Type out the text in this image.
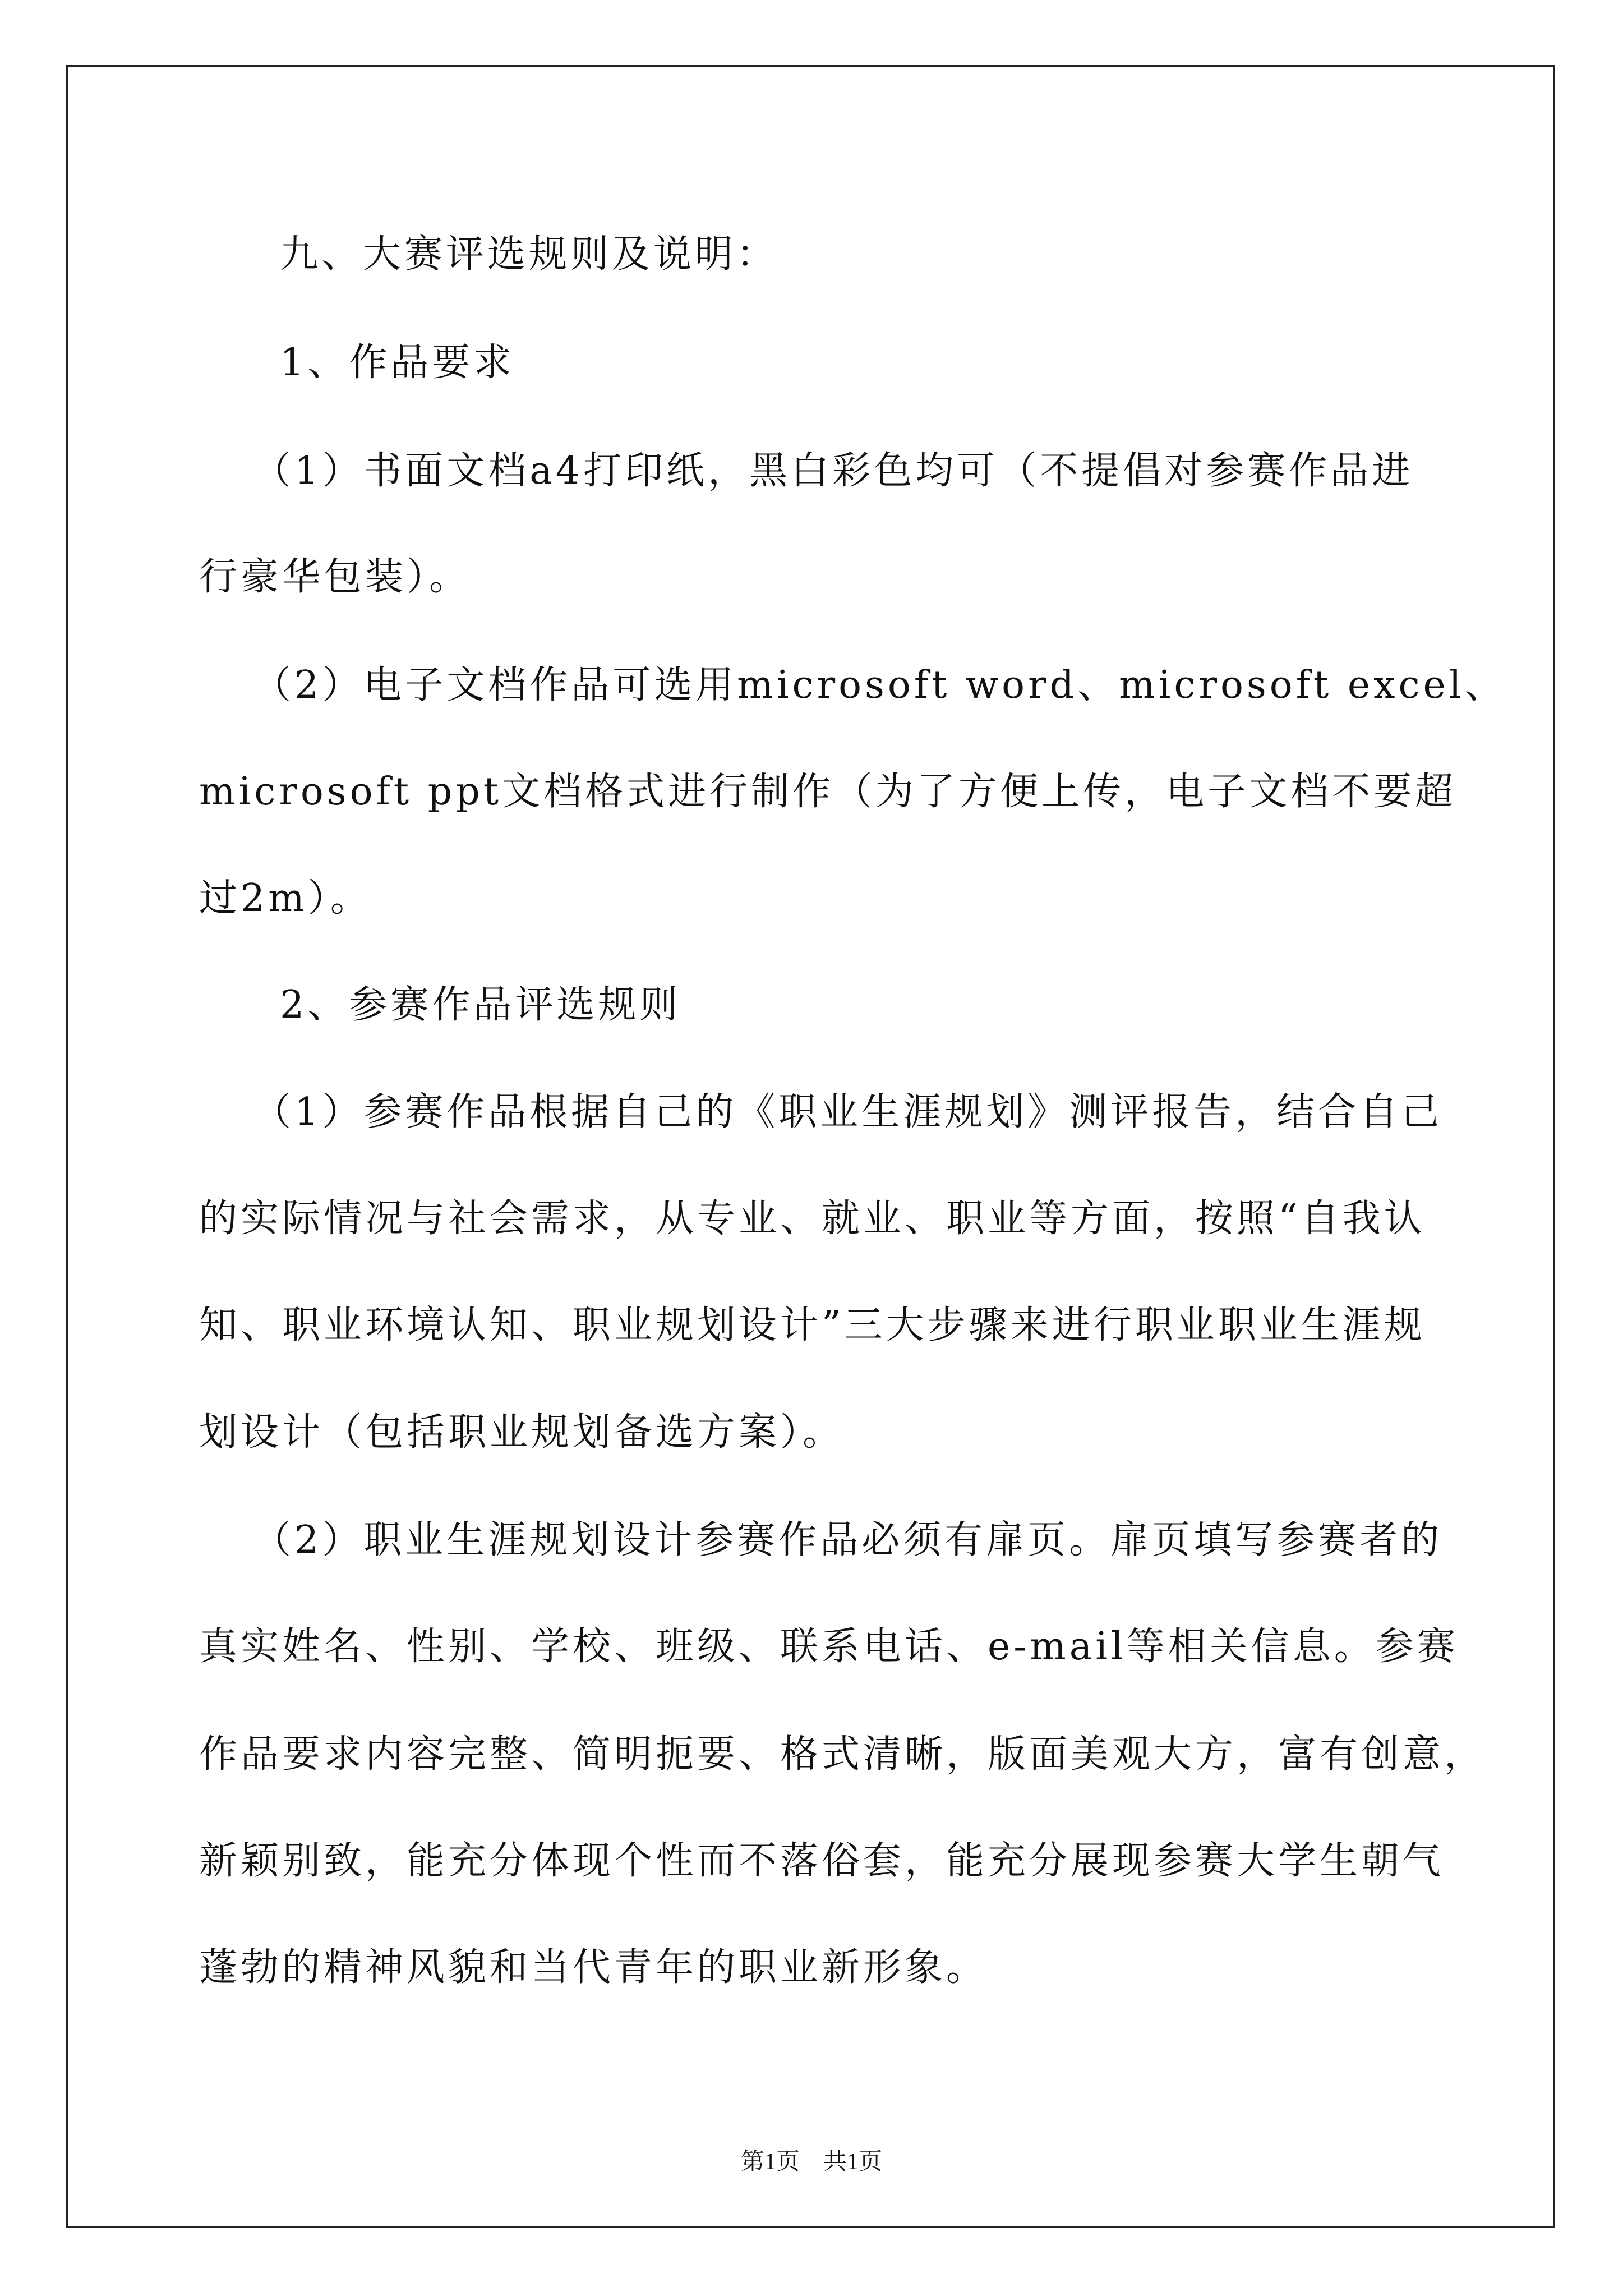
九、大赛评选规则及说明：
1、作品要求
（1）书面文档a4打印纸，黑白彩色均可（不提倡对参赛作品进
行豪华包装）。
（2）电子文档作品可选用microsoft word、microsoft excel、
microsoft ppt文档格式进行制作（为了方便上传，电子文档不要超
过2m）。
2、参赛作品评选规则
（1）参赛作品根据自己的《职业生涯规划》测评报告，结合自己
的实际情况与社会需求，从专业、就业、职业等方面，按照“自我认
知、职业环境认知、职业规划设计”三大步骤来进行职业职业生涯规
划设计（包括职业规划备选方案）。
（2）职业生涯规划设计参赛作品必须有扉页。扉页填写参赛者的
真实姓名、性别、学校、班级、联系电话、e-mail等相关信息。参赛
作品要求内容完整、简明扼要、格式清晰，版面美观大方，富有创意，
新颖别致，能充分体现个性而不落俗套，能充分展现参赛大学生朝气
蓬勃的精神风貌和当代青年的职业新形象。
第1页　共1页
